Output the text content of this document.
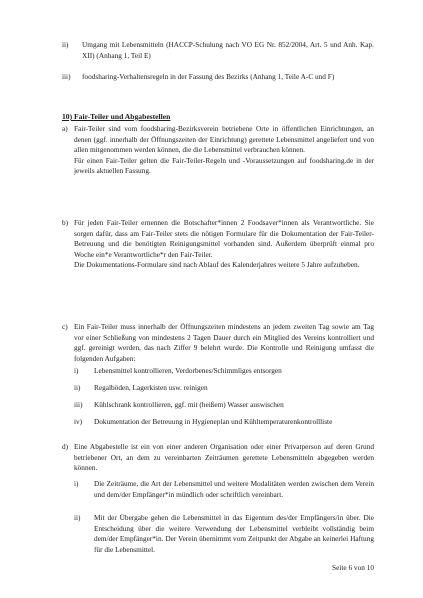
ii)	Umgang mit Lebensmitteln (HACCP-Schulung nach VO EG Nr. 852/2004, Art. 5 und Anh. Kap. XII) (Anhang 1, Teil E)
iii)	foodsharing-Verhaltensregeln in der Fassung des Bezirks (Anhang 1, Teile A-C und F)
10) Fair-Teiler und Abgabestellen
a) Fair-Teiler sind vom foodsharing-Bezirksverein betriebene Orte in öffentlichen Einrichtungen, an denen (ggf. innerhalb der Öffnungszeiten der Einrichtung) gerettete Lebensmittel angeliefert und von allen mitgenommen werden können, die die Lebensmittel verbrauchen können.

Für einen Fair-Teiler gelten die Fair-Teiler-Regeln und -Voraussetzungen auf foodsharing.de in der jeweils aktuellen Fassung.

b) Für jeden Fair-Teiler ernennen die Botschafter*innen 2 Foodsaver*innen als Verantwortliche. Sie sorgen dafür, dass am Fair-Teiler stets die nötigen Formulare für die Dokumentation der Fair-Teiler-Betreuung und die benötigten Reinigungsmittel vorhanden sind. Außerdem überprüft einmal pro Woche ein*e Verantwortliche*r den Fair-Teiler.

Die Dokumentations-Formulare sind nach Ablauf des Kalenderjahres weitere 5 Jahre aufzuheben.

c) Ein Fair-Teiler muss innerhalb der Öffnungszeiten mindestens an jedem zweiten Tag sowie am Tag vor einer Schließung von mindestens 2 Tagen Dauer durch ein Mitglied des Vereins kontrolliert und ggf. gereinigt werden, das nach Ziffer 9 belehrt wurde. Die Kontrolle und Reinigung umfasst die folgenden Aufgaben:

i)	Lebensmittel kontrollieren, Verdorbenes/Schimmliges entsorgen
ii)	Regalböden, Lagerkisten usw. reinigen
iii)	Kühlschrank kontrollieren, ggf. mit (heißem) Wasser auswischen
iv)	Dokumentation der Betreuung in Hygieneplan und Kühltemperaturenkontrollliste
d) Eine Abgabestelle ist ein von einer anderen Organisation oder einer Privatperson auf deren Grund betriebener Ort, an dem zu vereinbarten Zeiträumen gerettete Lebensmitteln abgegeben werden können.

i)	Die Zeiträume, die Art der Lebensmittel und weitere Modalitäten werden zwischen dem Verein und dem/der Empfänger*in mündlich oder schriftlich vereinbart.
ii)	Mit der Übergabe gehen die Lebensmittel in das Eigentum des/der Empfängers/in über. Die Entscheidung über die weitere Verwendung der Lebensmittel verbleibt vollständig beim dem/der Empfänger*in. Der Verein übernimmt vom Zeitpunkt der Abgabe an keinerlei Haftung für die Lebensmittel.
Seite 6 von 10
